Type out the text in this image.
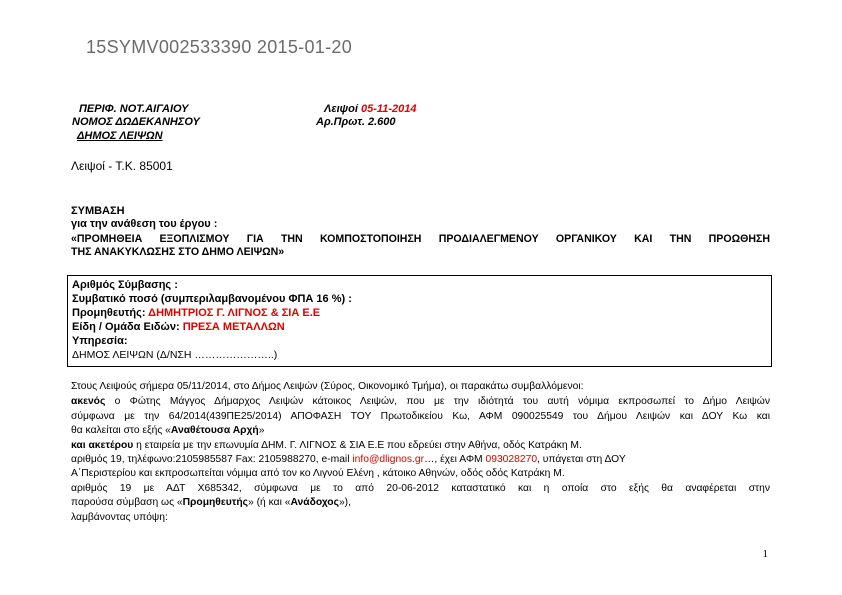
15SYMV002533390 2015-01-20
ΠΕΡΙΦ. ΝΟΤ.ΑΙΓΑΙΟΥ
ΝΟΜΟΣ ΔΩΔΕΚΑΝΗΣΟΥ
ΔΗΜΟΣ ΛΕΙΨΩΝ
Λειψοί 05-11-2014
Αρ.Πρωτ. 2.600
Λειψοί - Τ.Κ. 85001
ΣΥΜΒΑΣΗ
για την ανάθεση του έργου :
«ΠΡΟΜΗΘΕΙΑ ΕΞΟΠΛΙΣΜΟΥ ΓΙΑ ΤΗΝ ΚΟΜΠΟΣΤΟΠΟΙΗΣΗ ΠΡΟΔΙΑΛΕΓΜΕΝΟΥ ΟΡΓΑΝΙΚΟΥ ΚΑΙ ΤΗΝ ΠΡΟΩΘΗΣΗ
ΤΗΣ ΑΝΑΚΥΚΛΩΣΗΣ ΣΤΟ ΔΗΜΟ ΛΕΙΨΩΝ»
Αριθμός Σύμβασης :
Συμβατικό ποσό (συμπεριλαμβανομένου ΦΠΑ 16 %) :
Προμηθευτής: ΔΗΜΗΤΡΙΟΣ Γ. ΛΙΓΝΟΣ & ΣΙΑ Ε.Ε
Είδη / Ομάδα Ειδών: ΠΡΕΣΑ ΜΕΤΑΛΛΩΝ
Υπηρεσία:
ΔΗΜΟΣ ΛΕΙΨΩΝ (Δ/ΝΣΗ …………………..)
Στους Λειψούς σήμερα 05/11/2014, στο Δήμος Λειψών (Σύρος, Οικονομικό Τμήμα), οι παρακάτω συμβαλλόμενοι:
ακενός ο Φώτης Μάγγος Δήμαρχος Λειψών κάτοικος Λειψών, που με την ιδιότητά του αυτή νόμιμα εκπροσωπεί το Δήμο Λειψών
σύμφωνα με την 64/2014(439ΠΕ25/2014) ΑΠΟΦΑΣΗ ΤΟΥ Πρωτοδικείου Κω, ΑΦΜ 090025549 του Δήμου Λειψών και ΔΟΥ Κω και
θα καλείται στο εξής «Αναθέτουσα Αρχή»
και ακετέρου η εταιρεία με την επωνυμία ΔΗΜ. Γ. ΛΙΓΝΟΣ & ΣΙΑ Ε.Ε που εδρεύει στην Αθήνα, οδός Κατράκη Μ.
αριθμός 19, τηλέφωνο:2105985587 Fax: 2105988270, e-mail info@dlignos.gr…, έχει ΑΦΜ 093028270, υπάγεται στη ΔΟΥ
Α΄Περιστερίου και εκπροσωπείται νόμιμα από τον κο Λιγνού Ελένη , κάτοικο Αθηνών, οδός οδός Κατράκη Μ.
αριθμός 19 με ΑΔΤ Χ685342, σύμφωνα με το από 20-06-2012 καταστατικό και η οποία στο εξής θα αναφέρεται στην
παρούσα σύμβαση ως «Προμηθευτής» (ή και «Ανάδοχος»),
λαμβάνοντας υπόψη:
1
